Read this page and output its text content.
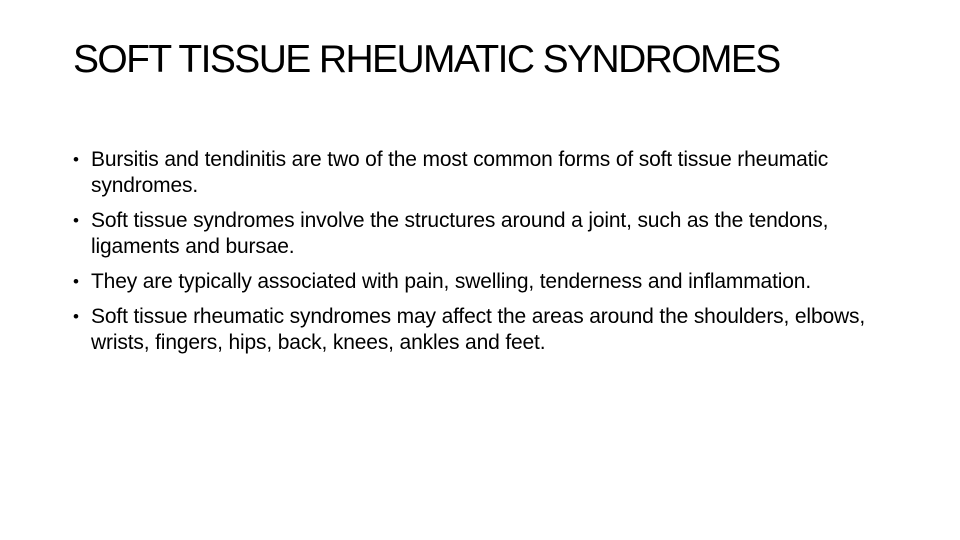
SOFT TISSUE RHEUMATIC SYNDROMES
• Bursitis and tendinitis are two of the most common forms of soft tissue rheumatic syndromes.
• Soft tissue syndromes involve the structures around a joint, such as the tendons, ligaments and bursae.
• They are typically associated with pain, swelling, tenderness and inflammation.
• Soft tissue rheumatic syndromes may affect the areas around the shoulders, elbows, wrists, fingers, hips, back, knees, ankles and feet.
